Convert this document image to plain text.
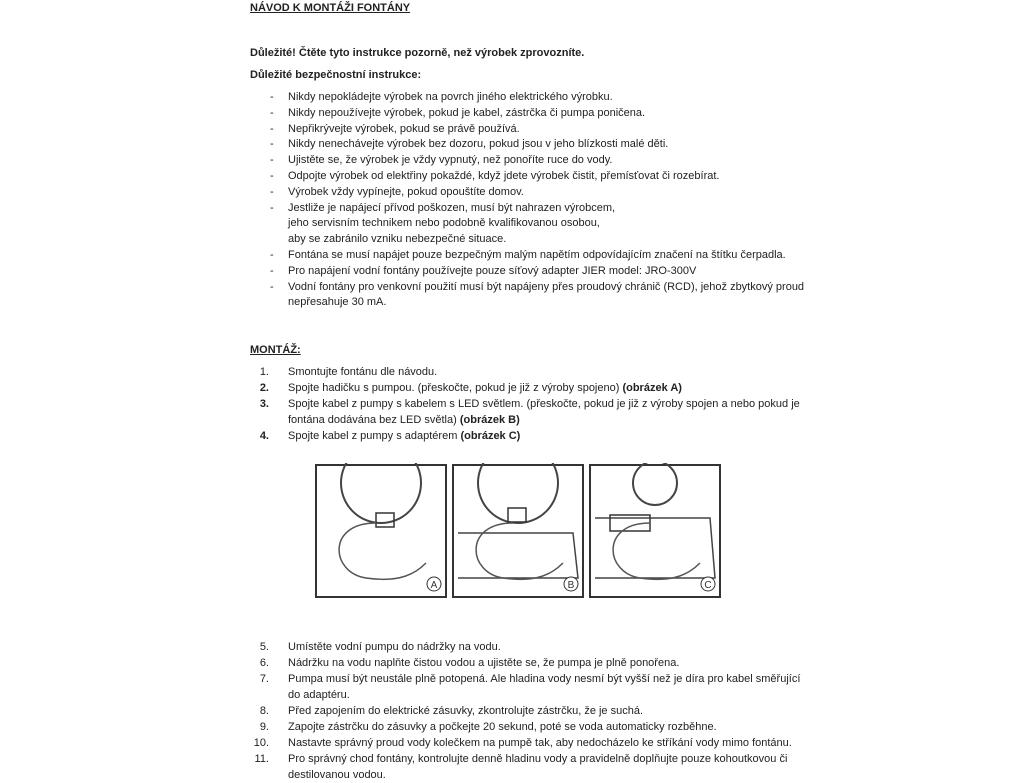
NÁVOD K MONTÁŽI FONTÁNY
Důležité! Čtěte tyto instrukce pozorně, než výrobek zprovozníte.
Důležité bezpečnostní instrukce:
- Nikdy nepokládejte výrobek na povrch jiného elektrického výrobku.
- Nikdy nepoužívejte výrobek, pokud je kabel, zástrčka či pumpa poničena.
- Nepřikrývejte výrobek, pokud se právě používá.
- Nikdy nenechávejte výrobek bez dozoru, pokud jsou v jeho blízkosti malé děti.
- Ujistěte se, že výrobek je vždy vypnutý, než ponoříte ruce do vody.
- Odpojte výrobek od elektřiny pokaždé, když jdete výrobek čistit, přemísťovat či rozebírat.
- Výrobek vždy vypínejte, pokud opouštíte domov.
- Jestliže je napájecí přívod poškozen, musí být nahrazen výrobcem, jeho servisním technikem nebo podobně kvalifikovanou osobou, aby se zabránilo vzniku nebezpečné situace.
- Fontána se musí napájet pouze bezpečným malým napětím odpovídajícím značení na štítku čerpadla.
- Pro napájení vodní fontány používejte pouze síťový adapter JIER model: JRO-300V
- Vodní fontány pro venkovní použití musí být napájeny přes proudový chránič (RCD), jehož zbytkový proud nepřesahuje 30 mA.
MONTÁŽ:
1. Smontujte fontánu dle návodu.
2. Spojte hadičku s pumpou. (přeskočte, pokud je již z výroby spojeno) (obrázek A)
3. Spojte kabel z pumpy s kabelem s LED světlem. (přeskočte, pokud je již z výroby spojen a nebo pokud je fontána dodávána bez LED světla) (obrázek B)
4. Spojte kabel z pumpy s adaptérem (obrázek C)
A	B	C
5. Umístěte vodní pumpu do nádržky na vodu.
6. Nádržku na vodu naplňte čistou vodou a ujistěte se, že pumpa je plně ponořena.
7. Pumpa musí být neustále plně potopená. Ale hladina vody nesmí být vyšší než je díra pro kabel směřující do adaptéru.
8. Před zapojením do elektrické zásuvky, zkontrolujte zástrčku, že je suchá.
9. Zapojte zástrčku do zásuvky a počkejte 20 sekund, poté se voda automaticky rozběhne.
10. Nastavte správný proud vody kolečkem na pumpě tak, aby nedocházelo ke stříkání vody mimo fontánu.
11. Pro správný chod fontány, kontrolujte denně hladinu vody a pravidelně doplňujte pouze kohoutkovou či destilovanou vodou.
